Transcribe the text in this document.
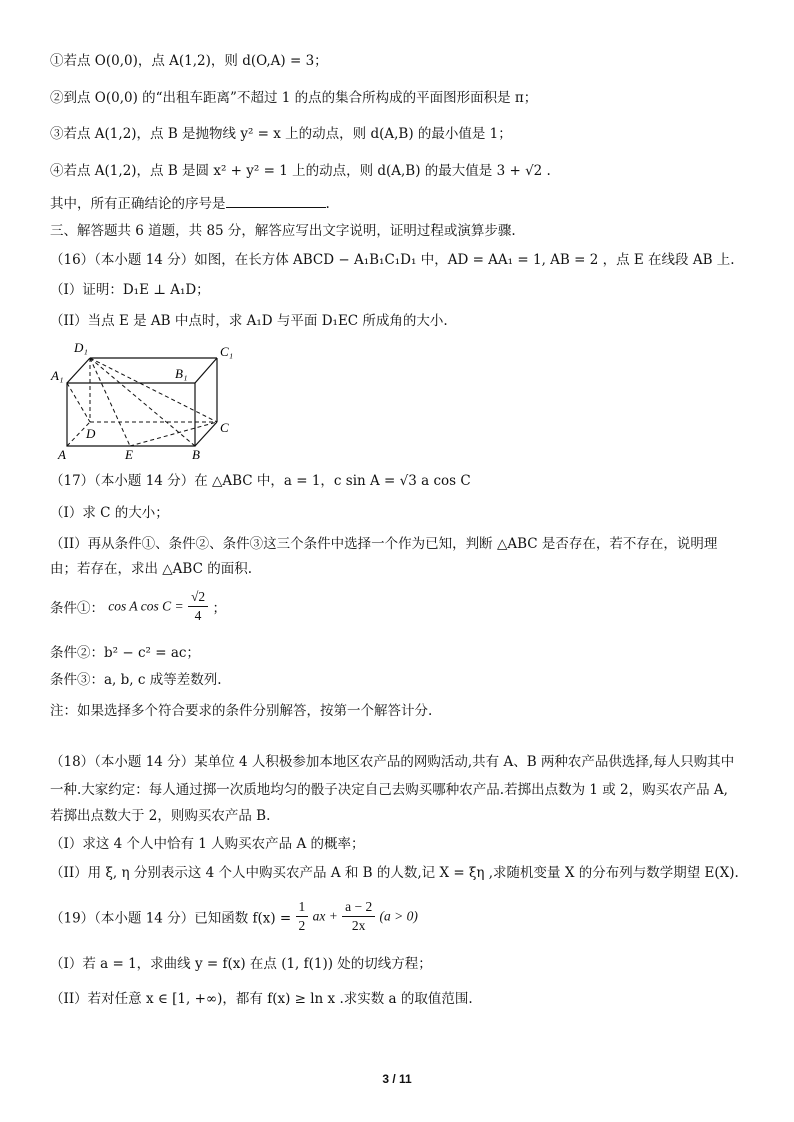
①若点 O(0,0)，点 A(1,2)，则 d(O,A) = 3；
②到点 O(0,0) 的“出租车距离”不超过 1 的点的集合所构成的平面图形面积是 π；
③若点 A(1,2)，点 B 是抛物线 y² = x 上的动点，则 d(A,B) 的最小值是 1；
④若点 A(1,2)，点 B 是圆 x² + y² = 1 上的动点，则 d(A,B) 的最大值是 3 + √2 .
其中，所有正确结论的序号是	.
三、解答题共 6 道题，共 85 分，解答应写出文字说明，证明过程或演算步骤.
（16）（本小题 14 分）如图，在长方体 ABCD − A₁B₁C₁D₁ 中，AD = AA₁ = 1, AB = 2 ，点 E 在线段 AB 上.
（I）证明：D₁E ⊥ A₁D；
（II）当点 E 是 AB 中点时，求 A₁D 与平面 D₁EC 所成角的大小.
D₁	C₁
A₁	B₁
D	C
A	E	B
（17）（本小题 14 分）在 △ABC 中，a = 1，c sin A = √3 a cos C
（I）求 C 的大小；
（II）再从条件①、条件②、条件③这三个条件中选择一个作为已知，判断 △ABC 是否存在，若不存在，说明理
由；若存在，求出 △ABC 的面积.
条件①： cos A $\cos C = \frac{√2}{4}$ ；
条件②：b² − c² = ac；
条件③：a, b, c 成等差数列.
注：如果选择多个符合要求的条件分别解答，按第一个解答计分.
（18）（本小题 14 分）某单位 4 人积极参加本地区农产品的网购活动,共有 A、B 两种农产品供选择,每人只购其中
一种.大家约定：每人通过掷一次质地均匀的骰子决定自己去购买哪种农产品.若掷出点数为 1 或 2，购买农产品 A,
若掷出点数大于 2，则购买农产品 B.
（I）求这 4 个人中恰有 1 人购买农产品 A 的概率；
（II）用 ξ, η 分别表示这 4 个人中购买农产品 A 和 B 的人数,记 X = ξη ,求随机变量 X 的分布列与数学期望 E(X).
（19）（本小题 14 分）已知函数 $f(x) = \frac{1}{2}$ ax + $\frac{a - 2}{2x} (a > 0)$
（I）若 a = 1，求曲线 y = f(x) 在点 (1, f(1)) 处的切线方程；
（II）若对任意 x ∈ [1, +∞)，都有 f(x) ≥ ln x .求实数 a 的取值范围.
3 / 11
